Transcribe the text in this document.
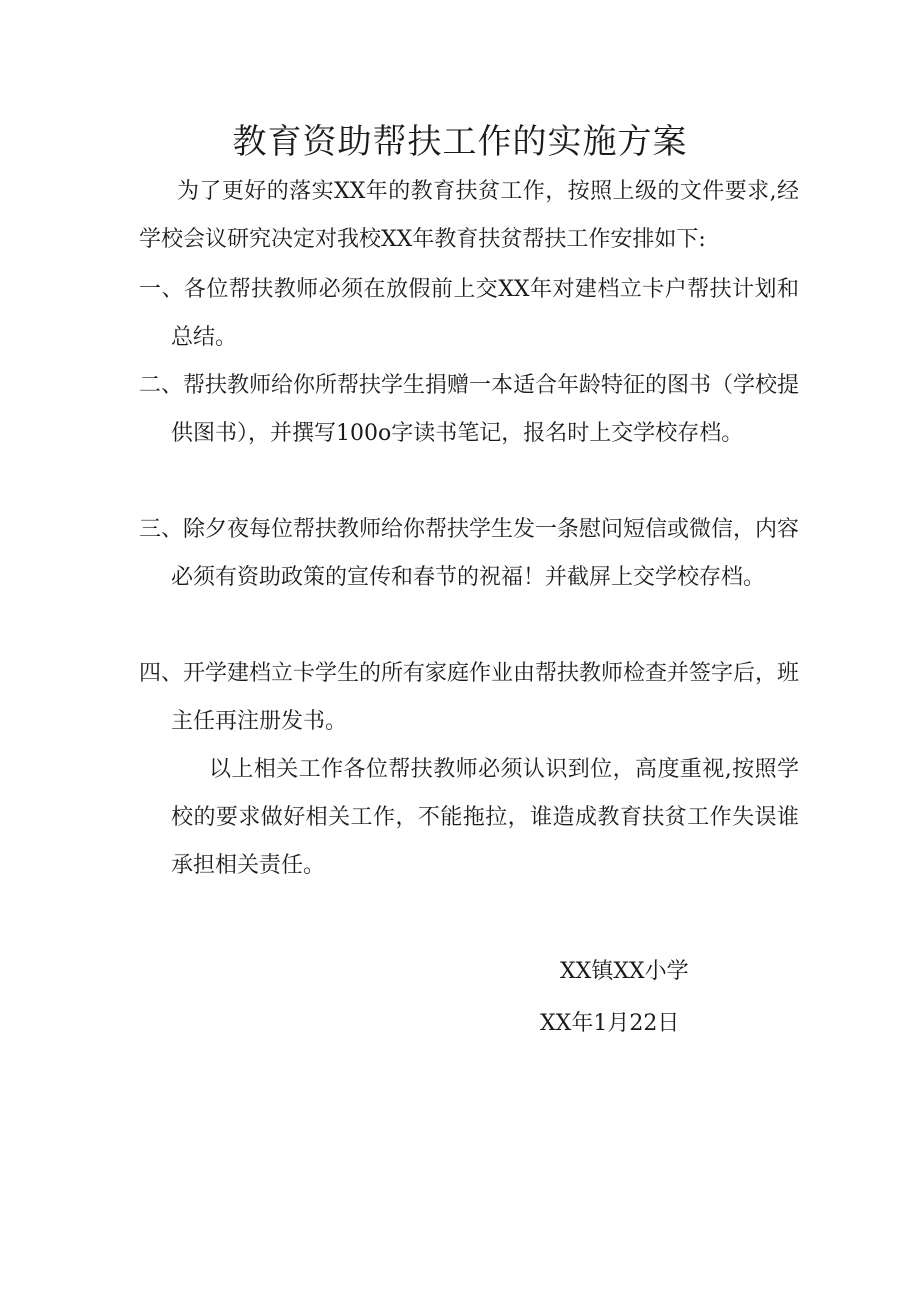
教育资助帮扶工作的实施方案
为了更好的落实XX年的教育扶贫工作，按照上级的文件要求,经学校会议研究决定对我校XX年教育扶贫帮扶工作安排如下:
一、各位帮扶教师必须在放假前上交XX年对建档立卡户帮扶计划和总结。
二、帮扶教师给你所帮扶学生捐赠一本适合年龄特征的图书（学校提供图书），并撰写100o字读书笔记，报名时上交学校存档。
三、除夕夜每位帮扶教师给你帮扶学生发一条慰问短信或微信，内容必须有资助政策的宣传和春节的祝福！并截屏上交学校存档。
四、开学建档立卡学生的所有家庭作业由帮扶教师检查并签字后，班主任再注册发书。
以上相关工作各位帮扶教师必须认识到位，高度重视,按照学校的要求做好相关工作，不能拖拉，谁造成教育扶贫工作失误谁承担相关责任。
XX镇XX小学
XX年1月22日
